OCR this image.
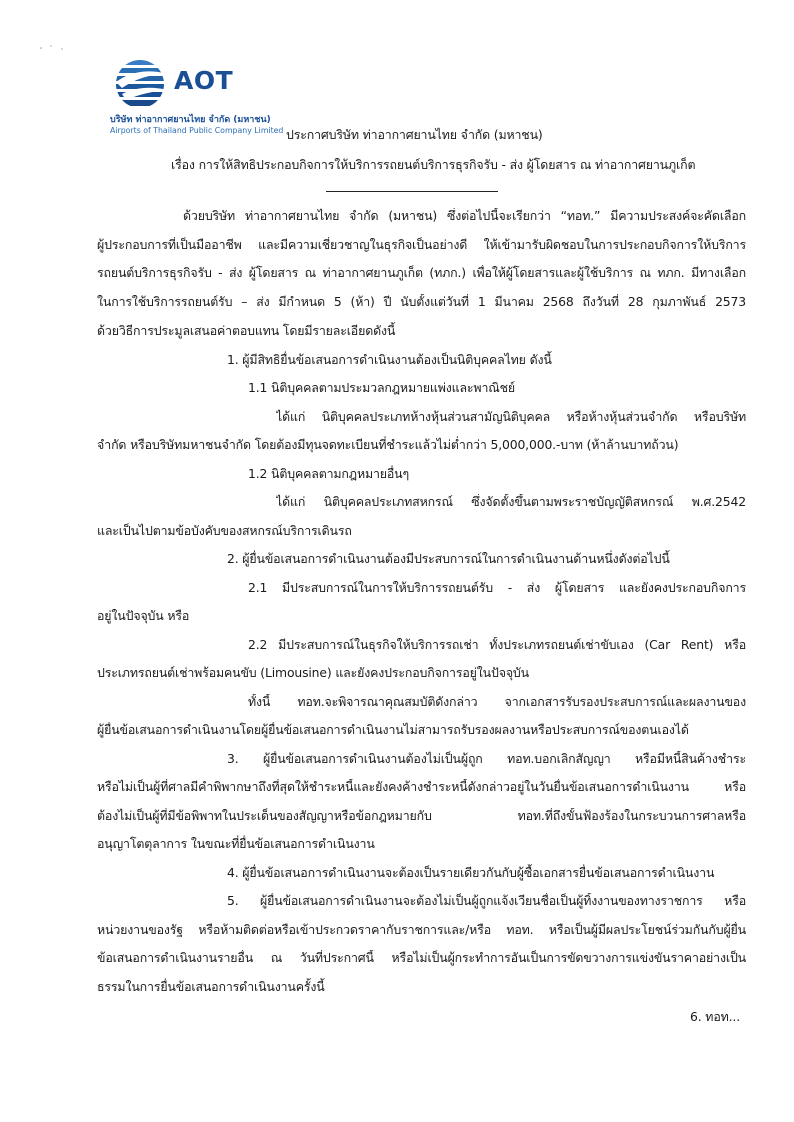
AOT
บริษัท ท่าอากาศยานไทย จำกัด (มหาชน)
Airports of Thailand Public Company Limited ประกาศบริษัท ท่าอากาศยานไทย จำกัด (มหาชน)
เรื่อง การให้สิทธิประกอบกิจการให้บริการรถยนต์บริการธุรกิจรับ - ส่ง ผู้โดยสาร ณ ท่าอากาศยานภูเก็ต
ด้วยบริษัท ท่าอากาศยานไทย จำกัด (มหาชน) ซึ่งต่อไปนี้จะเรียกว่า “ทอท.” มีความประสงค์จะคัดเลือก
ผู้ประกอบการที่เป็นมืออาชีพ และมีความเชี่ยวชาญในธุรกิจเป็นอย่างดี ให้เข้ามารับผิดชอบในการประกอบกิจการให้บริการ
รถยนต์บริการธุรกิจรับ - ส่ง ผู้โดยสาร ณ ท่าอากาศยานภูเก็ต (ทภก.) เพื่อให้ผู้โดยสารและผู้ใช้บริการ ณ ทภก. มีทางเลือก
ในการใช้บริการรถยนต์รับ – ส่ง มีกำหนด 5 (ห้า) ปี นับตั้งแต่วันที่ 1 มีนาคม 2568 ถึงวันที่ 28 กุมภาพันธ์ 2573
ด้วยวิธีการประมูลเสนอค่าตอบแทน โดยมีรายละเอียดดังนี้
1. ผู้มีสิทธิยื่นข้อเสนอการดำเนินงานต้องเป็นนิติบุคคลไทย ดังนี้
1.1 นิติบุคคลตามประมวลกฎหมายแพ่งและพาณิชย์
ได้แก่ นิติบุคคลประเภทห้างหุ้นส่วนสามัญนิติบุคคล หรือห้างหุ้นส่วนจำกัด หรือบริษัท
จำกัด หรือบริษัทมหาชนจำกัด โดยต้องมีทุนจดทะเบียนที่ชำระแล้วไม่ต่ำกว่า 5,000,000.-บาท (ห้าล้านบาทถ้วน)
1.2 นิติบุคคลตามกฎหมายอื่นๆ
ได้แก่ นิติบุคคลประเภทสหกรณ์ ซึ่งจัดตั้งขึ้นตามพระราชบัญญัติสหกรณ์ พ.ศ.2542
และเป็นไปตามข้อบังคับของสหกรณ์บริการเดินรถ
2. ผู้ยื่นข้อเสนอการดำเนินงานต้องมีประสบการณ์ในการดำเนินงานด้านหนึ่งดังต่อไปนี้
2.1 มีประสบการณ์ในการให้บริการรถยนต์รับ - ส่ง ผู้โดยสาร และยังคงประกอบกิจการ
อยู่ในปัจจุบัน หรือ
2.2 มีประสบการณ์ในธุรกิจให้บริการรถเช่า ทั้งประเภทรถยนต์เช่าขับเอง (Car Rent) หรือ
ประเภทรถยนต์เช่าพร้อมคนขับ (Limousine) และยังคงประกอบกิจการอยู่ในปัจจุบัน
ทั้งนี้ ทอท.จะพิจารณาคุณสมบัติดังกล่าว จากเอกสารรับรองประสบการณ์และผลงานของ
ผู้ยื่นข้อเสนอการดำเนินงานโดยผู้ยื่นข้อเสนอการดำเนินงานไม่สามารถรับรองผลงานหรือประสบการณ์ของตนเองได้
3. ผู้ยื่นข้อเสนอการดำเนินงานต้องไม่เป็นผู้ถูก ทอท.บอกเลิกสัญญา หรือมีหนี้สินค้างชำระ
หรือไม่เป็นผู้ที่ศาลมีคำพิพากษาถึงที่สุดให้ชำระหนี้และยังคงค้างชำระหนี้ดังกล่าวอยู่ในวันยื่นข้อเสนอการดำเนินงาน หรือ
ต้องไม่เป็นผู้ที่มีข้อพิพาทในประเด็นของสัญญาหรือข้อกฎหมายกับ ทอท.ที่ถึงขั้นฟ้องร้องในกระบวนการศาลหรือ
อนุญาโตตุลาการ ในขณะที่ยื่นข้อเสนอการดำเนินงาน
4. ผู้ยื่นข้อเสนอการดำเนินงานจะต้องเป็นรายเดียวกันกับผู้ซื้อเอกสารยื่นข้อเสนอการดำเนินงาน
5. ผู้ยื่นข้อเสนอการดำเนินงานจะต้องไม่เป็นผู้ถูกแจ้งเวียนชื่อเป็นผู้ทิ้งงานของทางราชการ หรือ
หน่วยงานของรัฐ หรือห้ามติดต่อหรือเข้าประกวดราคากับราชการและ/หรือ ทอท. หรือเป็นผู้มีผลประโยชน์ร่วมกันกับผู้ยื่น
ข้อเสนอการดำเนินงานรายอื่น ณ วันที่ประกาศนี้ หรือไม่เป็นผู้กระทำการอันเป็นการขัดขวางการแข่งขันราคาอย่างเป็น
ธรรมในการยื่นข้อเสนอการดำเนินงานครั้งนี้
6. ทอท...
